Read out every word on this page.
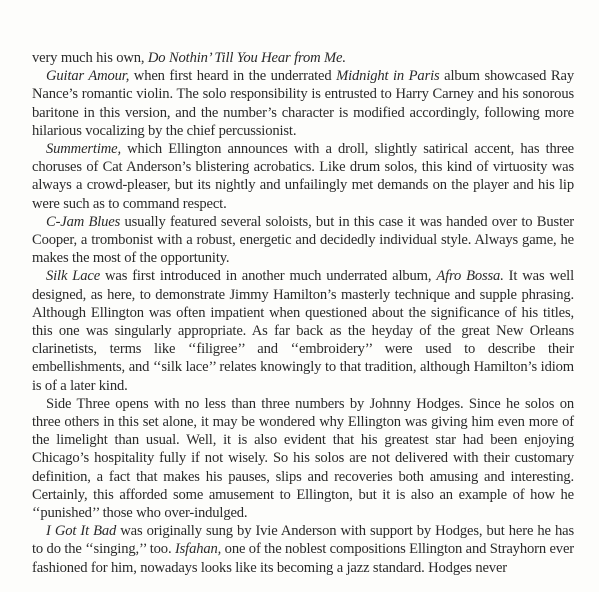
very much his own, Do Nothin’ Till You Hear from Me.

Guitar Amour, when first heard in the underrated Midnight in Paris album showcased Ray Nance’s romantic violin. The solo responsibility is entrusted to Harry Carney and his sonorous baritone in this version, and the number’s character is modified accordingly, following more hilarious vocalizing by the chief percussionist.

Summertime, which Ellington announces with a droll, slightly satirical accent, has three choruses of Cat Anderson’s blistering acrobatics. Like drum solos, this kind of virtuosity was always a crowd-pleaser, but its nightly and unfailingly met demands on the player and his lip were such as to command respect.

C-Jam Blues usually featured several soloists, but in this case it was handed over to Buster Cooper, a trombonist with a robust, energetic and decidedly individual style. Always game, he makes the most of the opportunity.

Silk Lace was first introduced in another much underrated album, Afro Bossa. It was well designed, as here, to demonstrate Jimmy Hamilton’s masterly technique and supple phrasing. Although Ellington was often impatient when questioned about the significance of his titles, this one was singularly appropriate. As far back as the heyday of the great New Orleans clarinetists, terms like ‘‘filigree’’ and ‘‘embroidery’’ were used to describe their embellishments, and ‘‘silk lace’’ relates knowingly to that tradition, although Hamilton’s idiom is of a later kind.

Side Three opens with no less than three numbers by Johnny Hodges. Since he solos on three others in this set alone, it may be wondered why Ellington was giving him even more of the limelight than usual. Well, it is also evident that his greatest star had been enjoying Chicago’s hospitality fully if not wisely. So his solos are not delivered with their customary definition, a fact that makes his pauses, slips and recoveries both amusing and interesting. Certainly, this afforded some amusement to Ellington, but it is also an example of how he ‘‘punished’’ those who over-indulged.

I Got It Bad was originally sung by Ivie Anderson with support by Hodges, but here he has to do the ‘‘singing,’’ too. Isfahan, one of the noblest compositions Ellington and Strayhorn ever fashioned for him, nowadays looks like its becoming a jazz standard. Hodges never
